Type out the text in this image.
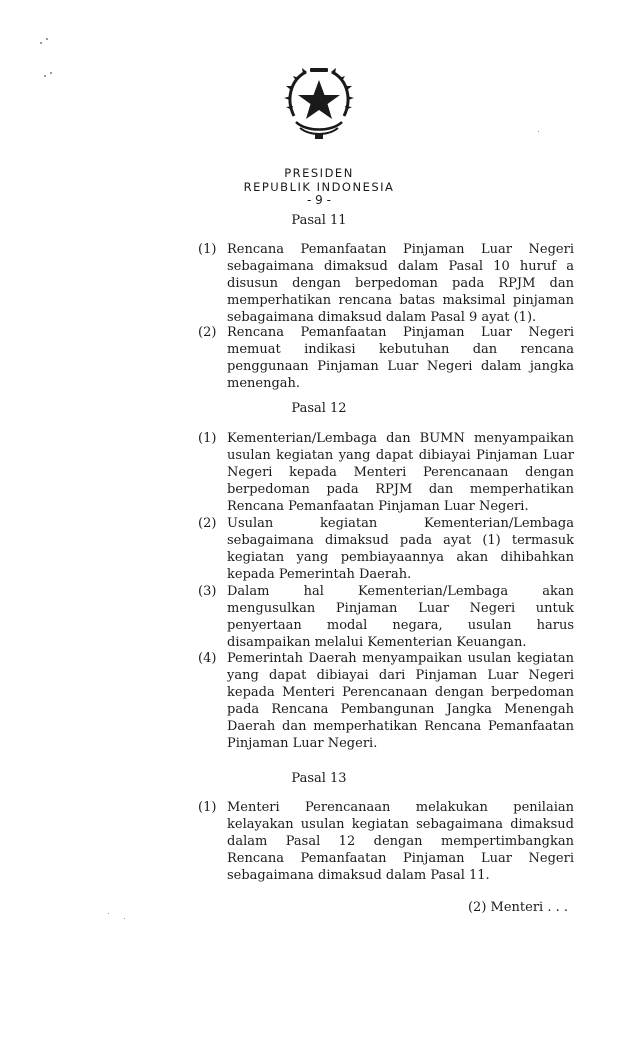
PRESIDEN
REPUBLIK INDONESIA
- 9 -
Pasal 11
(1) Rencana Pemanfaatan Pinjaman Luar Negeri sebagaimana dimaksud dalam Pasal 10 huruf a disusun dengan berpedoman pada RPJM dan memperhatikan rencana batas maksimal pinjaman sebagaimana dimaksud dalam Pasal 9 ayat (1).
(2) Rencana Pemanfaatan Pinjaman Luar Negeri memuat indikasi kebutuhan dan rencana penggunaan Pinjaman Luar Negeri dalam jangka menengah.
Pasal 12
(1) Kementerian/Lembaga dan BUMN menyampaikan usulan kegiatan yang dapat dibiayai Pinjaman Luar Negeri kepada Menteri Perencanaan dengan berpedoman pada RPJM dan memperhatikan Rencana Pemanfaatan Pinjaman Luar Negeri.
(2) Usulan kegiatan Kementerian/Lembaga sebagaimana dimaksud pada ayat (1) termasuk kegiatan yang pembiayaannya akan dihibahkan kepada Pemerintah Daerah.
(3) Dalam hal Kementerian/Lembaga akan mengusulkan Pinjaman Luar Negeri untuk penyertaan modal negara, usulan harus disampaikan melalui Kementerian Keuangan.
(4) Pemerintah Daerah menyampaikan usulan kegiatan yang dapat dibiayai dari Pinjaman Luar Negeri kepada Menteri Perencanaan dengan berpedoman pada Rencana Pembangunan Jangka Menengah Daerah dan memperhatikan Rencana Pemanfaatan Pinjaman Luar Negeri.
Pasal 13
(1) Menteri Perencanaan melakukan penilaian kelayakan usulan kegiatan sebagaimana dimaksud dalam Pasal 12 dengan mempertimbangkan Rencana Pemanfaatan Pinjaman Luar Negeri sebagaimana dimaksud dalam Pasal 11.
(2) Menteri . . .
